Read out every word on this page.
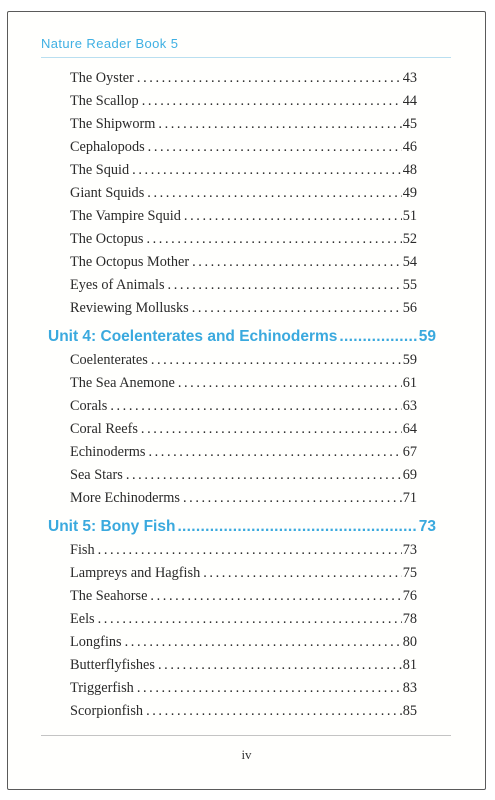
Nature Reader Book 5
The Oyster .....	43
The Scallop .....	44
The Shipworm .....	45
Cephalopods .....	46
The Squid .....	48
Giant Squids .....	49
The Vampire Squid .....	51
The Octopus .....	52
The Octopus Mother .....	54
Eyes of Animals .....	55
Reviewing Mollusks .....	56
Unit 4: Coelenterates and Echinoderms .....	59
Coelenterates .....	59
The Sea Anemone .....	61
Corals .....	63
Coral Reefs .....	64
Echinoderms .....	67
Sea Stars .....	69
More Echinoderms .....	71
Unit 5: Bony Fish .....	73
Fish .....	73
Lampreys and Hagfish .....	75
The Seahorse .....	76
Eels .....	78
Longfins .....	80
Butterflyfishes .....	81
Triggerfish .....	83
Scorpionfish .....	85
iv
